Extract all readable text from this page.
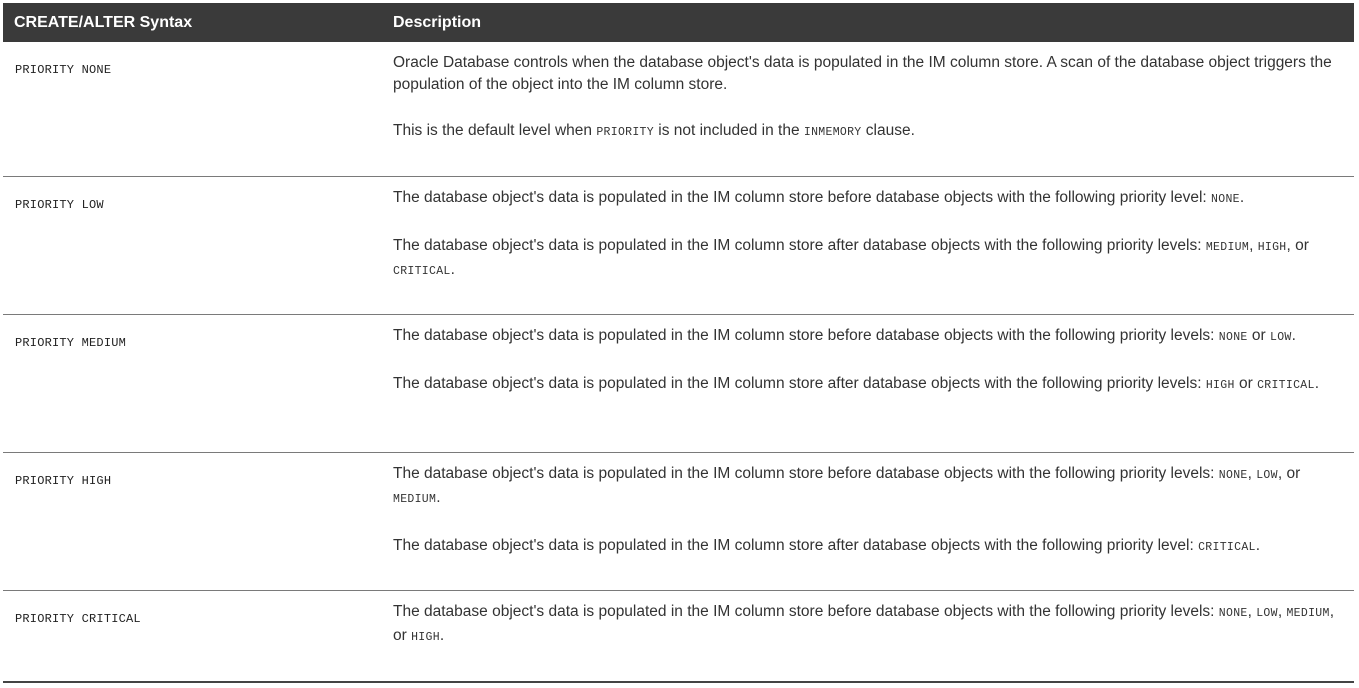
CREATE/ALTER Syntax	Description
PRIORITY NONE	Oracle Database controls when the database object's data is populated in the IM column store. A scan of the database object triggers the population of the object into the IM column store.

This is the default level when PRIORITY is not included in the INMEMORY clause.

PRIORITY LOW	The database object's data is populated in the IM column store before database objects with the following priority level: NONE.

The database object's data is populated in the IM column store after database objects with the following priority levels: MEDIUM, HIGH, or CRITICAL.

PRIORITY MEDIUM	The database object's data is populated in the IM column store before database objects with the following priority levels: NONE or LOW.

The database object's data is populated in the IM column store after database objects with the following priority levels: HIGH or CRITICAL.

PRIORITY HIGH	The database object's data is populated in the IM column store before database objects with the following priority levels: NONE, LOW, or MEDIUM.

The database object's data is populated in the IM column store after database objects with the following priority level: CRITICAL.

PRIORITY CRITICAL	The database object's data is populated in the IM column store before database objects with the following priority levels: NONE, LOW, MEDIUM, or HIGH.
